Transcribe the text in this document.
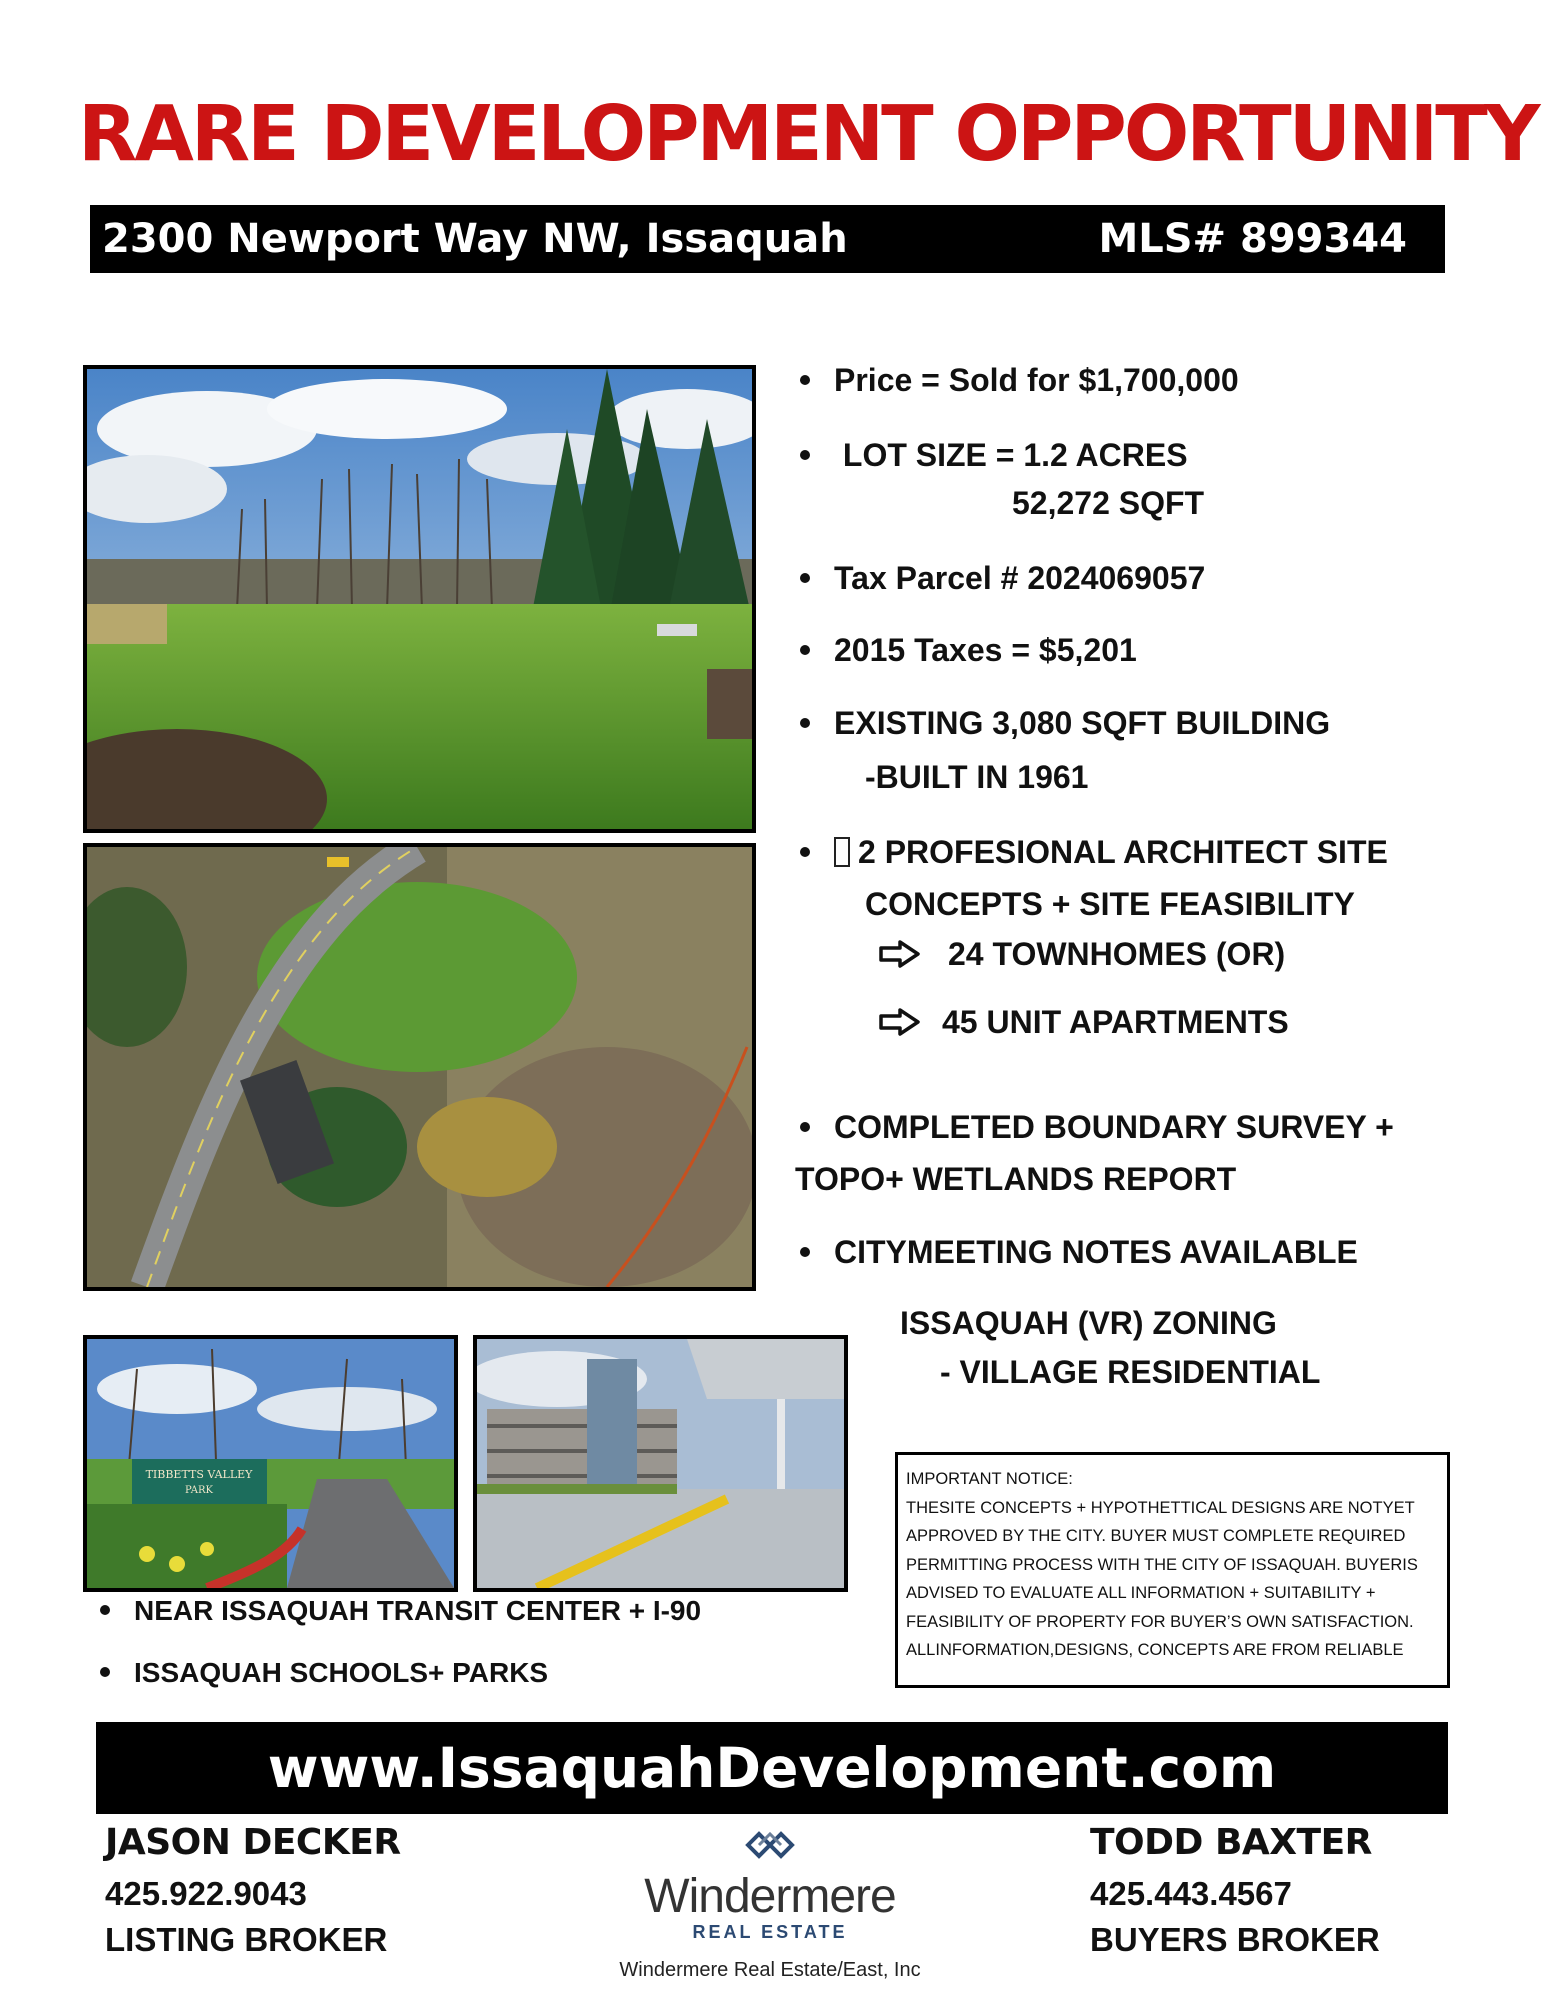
RARE DEVELOPMENT OPPORTUNITY
2300 Newport Way NW, Issaquah	MLS# 899344
TIBBETTS VALLEY
PARK
Price = Sold for $1,700,000
LOT SIZE = 1.2 ACRES
52,272 SQFT
Tax Parcel # 2024069057
2015 Taxes = $5,201
EXISTING 3,080 SQFT BUILDING
-BUILT IN 1961
2 PROFESIONAL ARCHITECT SITE
CONCEPTS + SITE FEASIBILITY
24 TOWNHOMES (OR)
45 UNIT APARTMENTS
COMPLETED BOUNDARY SURVEY +
TOPO+ WETLANDS REPORT
CITYMEETING NOTES AVAILABLE
ISSAQUAH (VR) ZONING
- VILLAGE RESIDENTIAL

IMPORTANT NOTICE:

THESITE CONCEPTS + HYPOTHETTICAL DESIGNS ARE NOTYET

APPROVED BY THE CITY. BUYER MUST COMPLETE REQUIRED

PERMITTING PROCESS WITH THE CITY OF ISSAQUAH. BUYERIS

ADVISED TO EVALUATE ALL INFORMATION + SUITABILITY +

FEASIBILITY OF PROPERTY FOR BUYER’S OWN SATISFACTION.

ALLINFORMATION,DESIGNS, CONCEPTS ARE FROM RELIABLE

NEAR ISSAQUAH TRANSIT CENTER + I-90
ISSAQUAH SCHOOLS+ PARKS
www.IssaquahDevelopment.com
JASON DECKER
425.922.9043
LISTING BROKER
Windermere
REAL ESTATE
Windermere Real Estate/East, Inc
TODD BAXTER
425.443.4567
BUYERS BROKER
